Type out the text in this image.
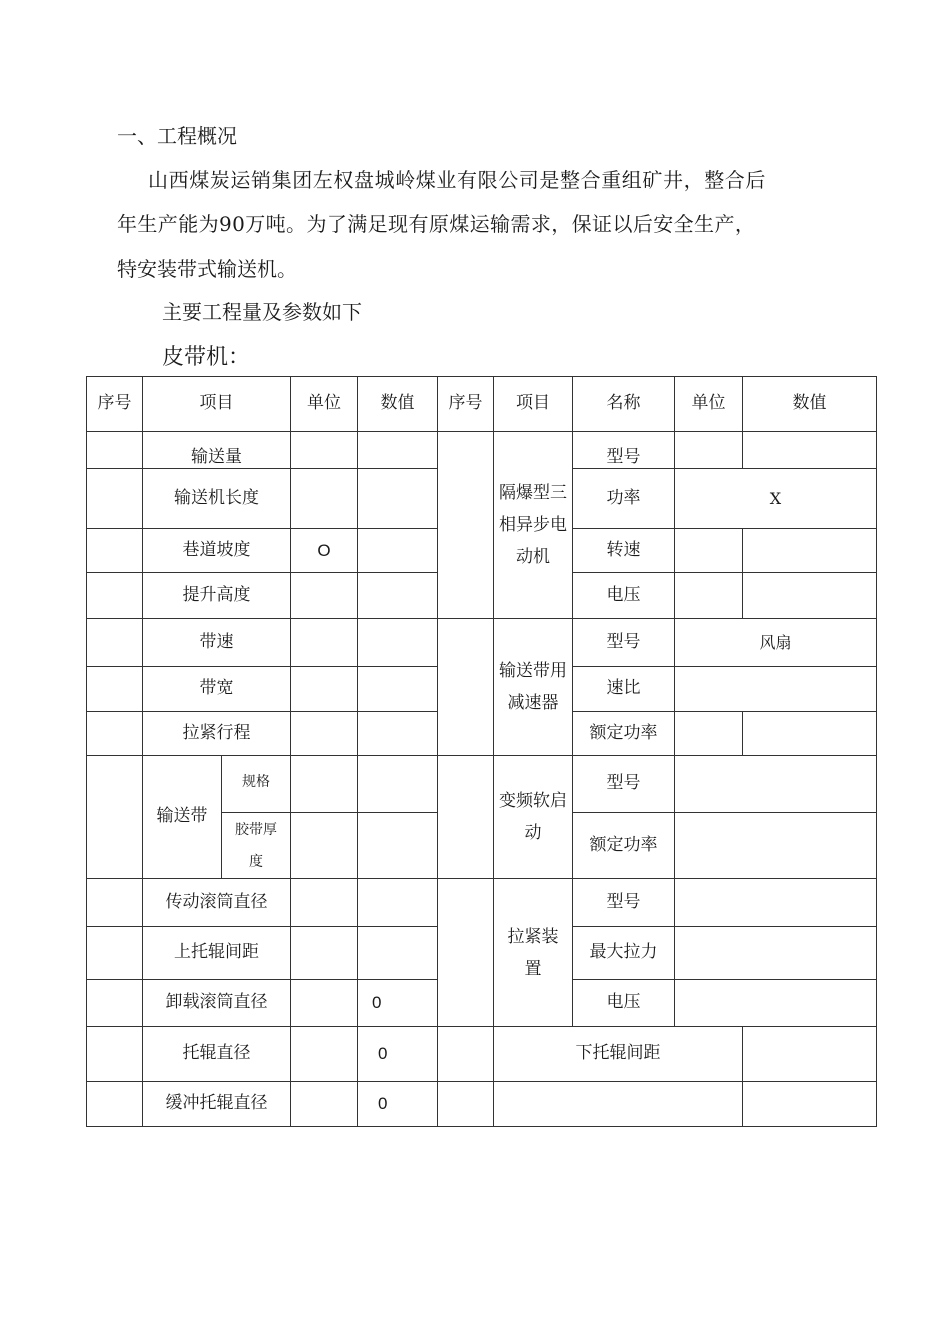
一、工程概况
山西煤炭运销集团左权盘城岭煤业有限公司是整合重组矿井，整合后
年生产能为90万吨。为了满足现有原煤运输需求，保证以后安全生产，
特安装带式输送机。
主要工程量及参数如下
皮带机：
序号	项目		单位	数值	序号	项目	名称	单位	数值	
	输送量					隔爆型三相异步电动机	型号			
	输送机长度						功率	X		
	巷道坡度		O				转速			
	提升高度						电压			
	带速					输送带用减速器	型号	风扇		
	带宽						速比			
	拉紧行程						额定功率			
	输送带	规格				变频软启动	型号			
		胶带厚度					额定功率			
	传动滚筒直径					拉紧装置	型号			
	上托辊间距						最大拉力			
	卸载滚筒直径			0			电压			
	托辊直径			0		下托辊间距				
	缓冲托辊直径			0						
